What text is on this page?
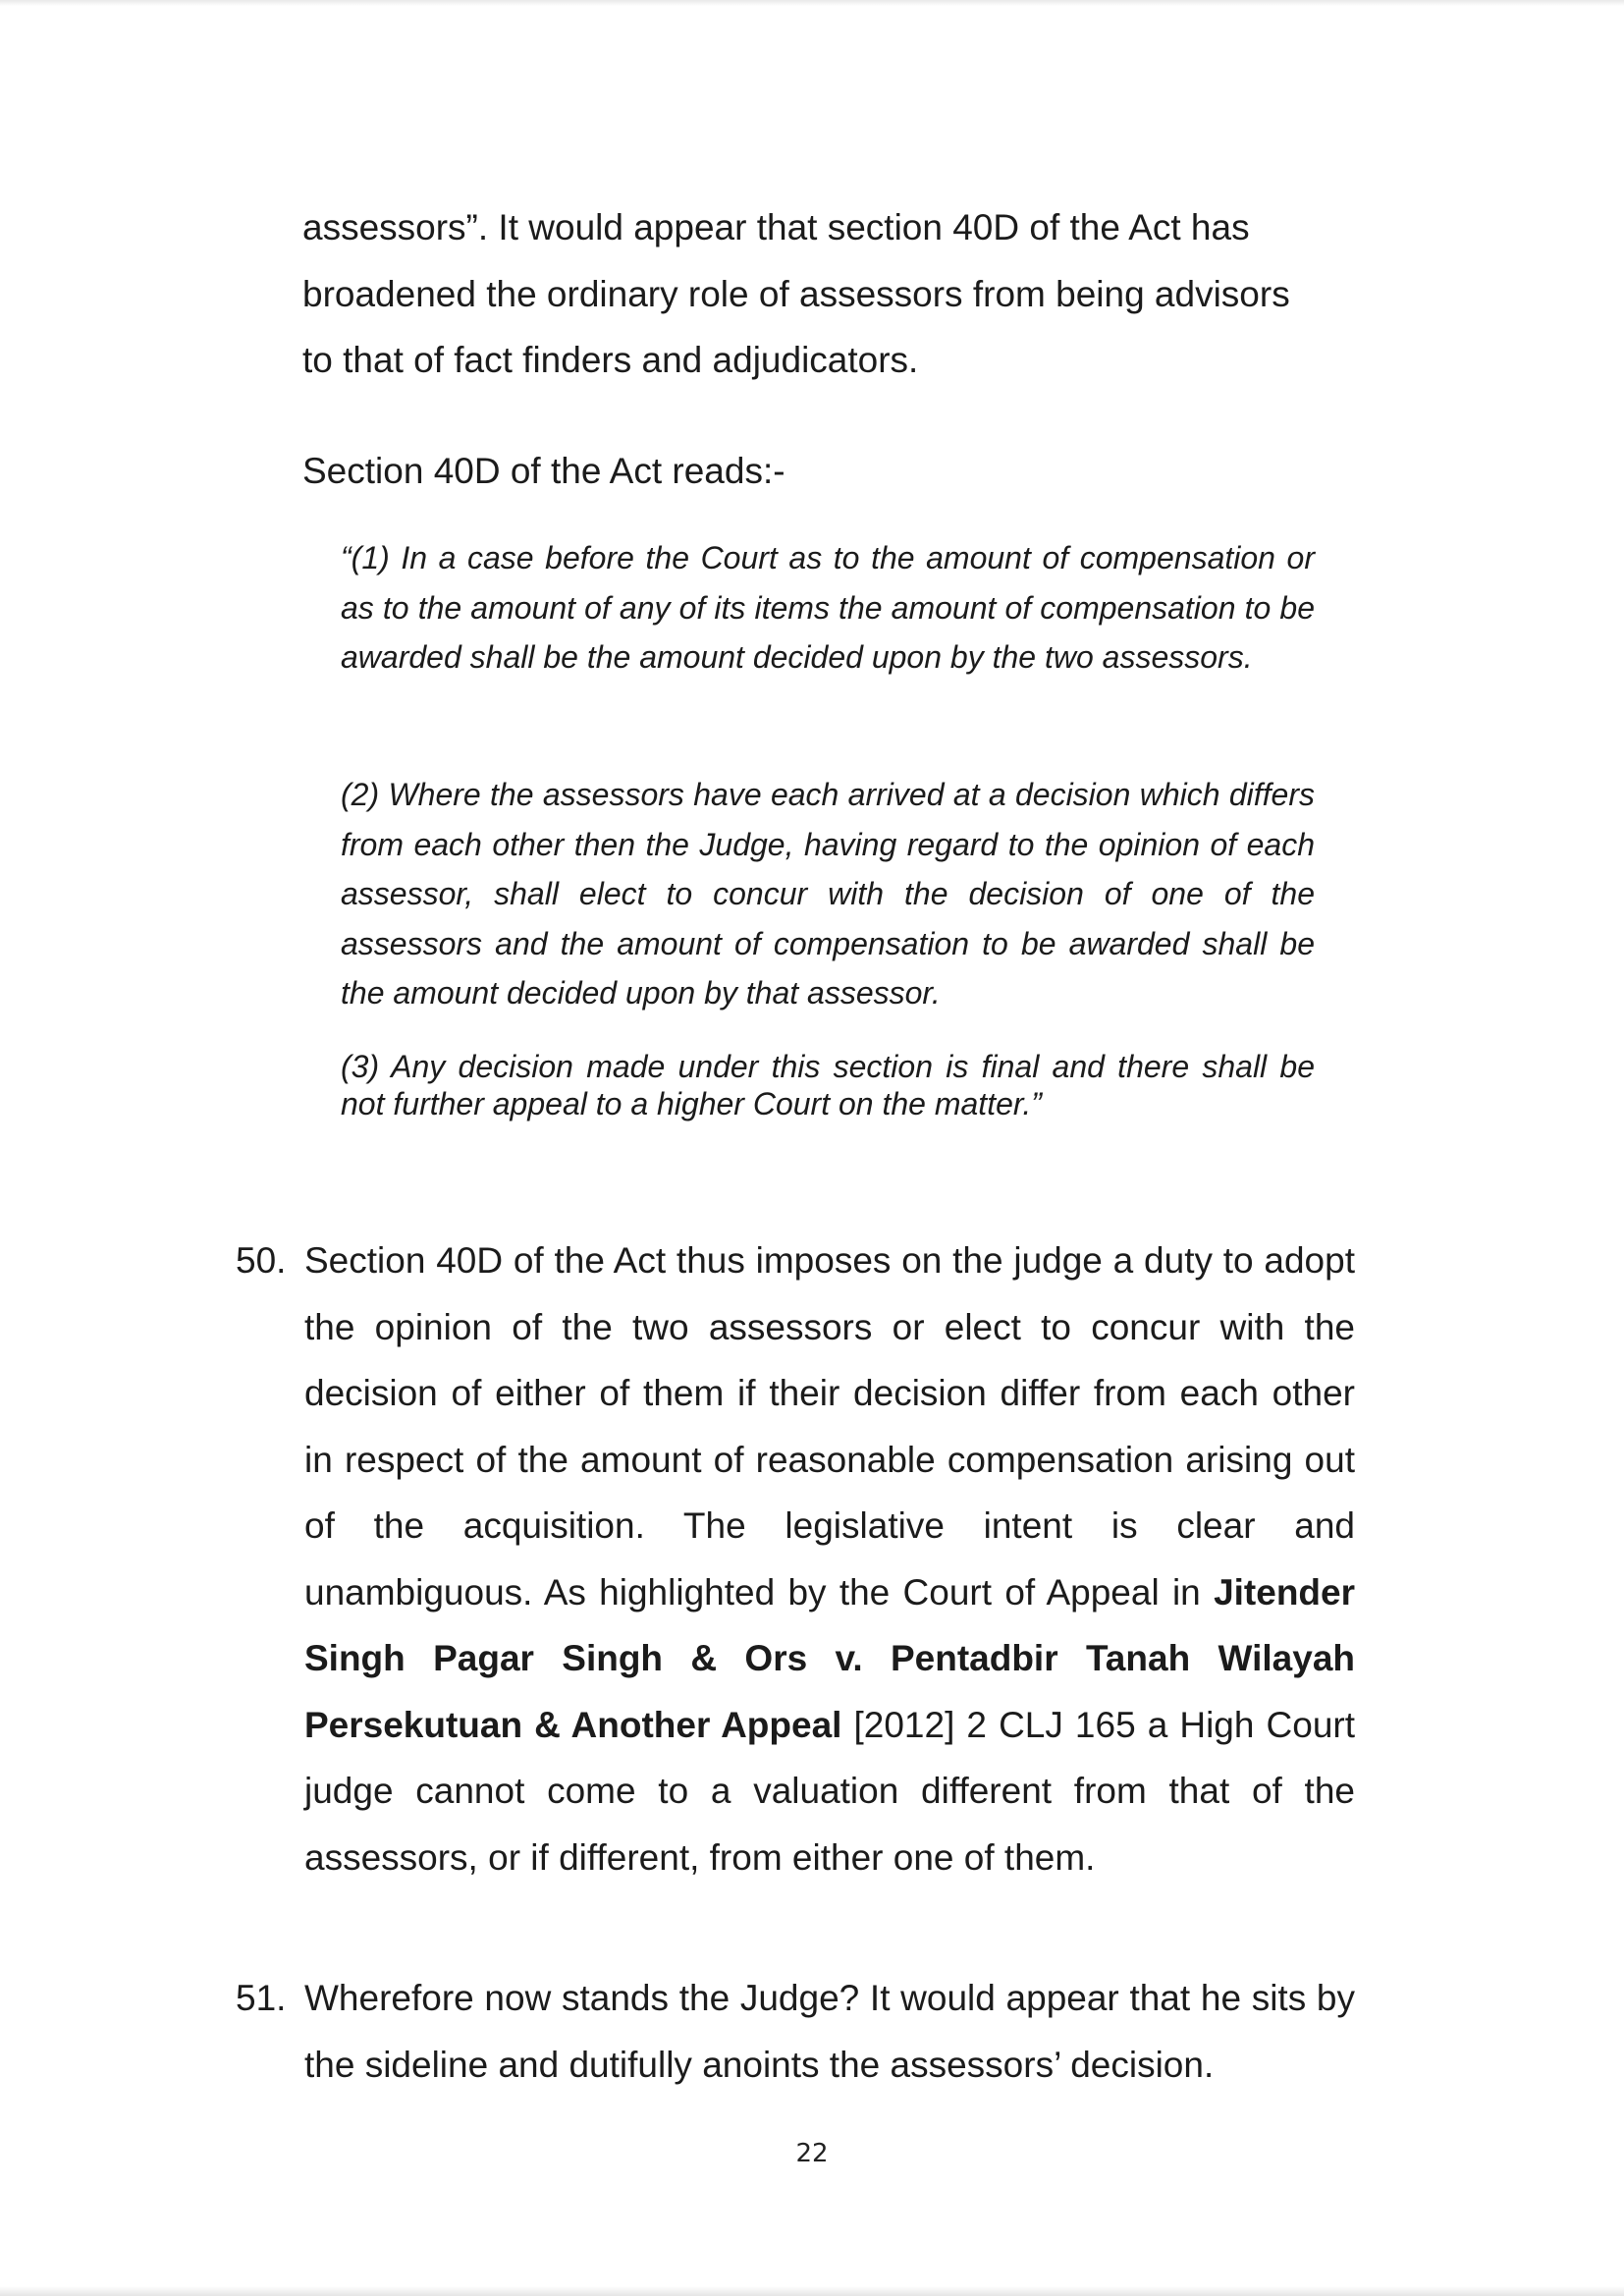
assessors”. It would appear that section 40D of the Act has

broadened the ordinary role of assessors from being advisors

to that of fact finders and adjudicators.

Section 40D of the Act reads:-

“(1) In a case before the Court as to the amount of compensation or as to the amount of any of its items the amount of compensation to be awarded shall be the amount decided upon by the two assessors.

(2) Where the assessors have each arrived at a decision which differs from each other then the Judge, having regard to the opinion of each assessor, shall elect to concur with the decision of one of the assessors and the amount of compensation to be awarded shall be the amount decided upon by that assessor.

(3) Any decision made under this section is final and there shall be not further appeal to a higher Court on the matter.”

50. Section 40D of the Act thus imposes on the judge a duty to adopt the opinion of the two assessors or elect to concur with the decision of either of them if their decision differ from each other in respect of the amount of reasonable compensation arising out of the acquisition. The legislative intent is clear and unambiguous. As highlighted by the Court of Appeal in Jitender Singh Pagar Singh & Ors v. Pentadbir Tanah Wilayah Persekutuan & Another Appeal [2012] 2 CLJ 165 a High Court judge cannot come to a valuation different from that of the assessors, or if different, from either one of them.

51. Wherefore now stands the Judge? It would appear that he sits by the sideline and dutifully anoints the assessors’ decision.

22
